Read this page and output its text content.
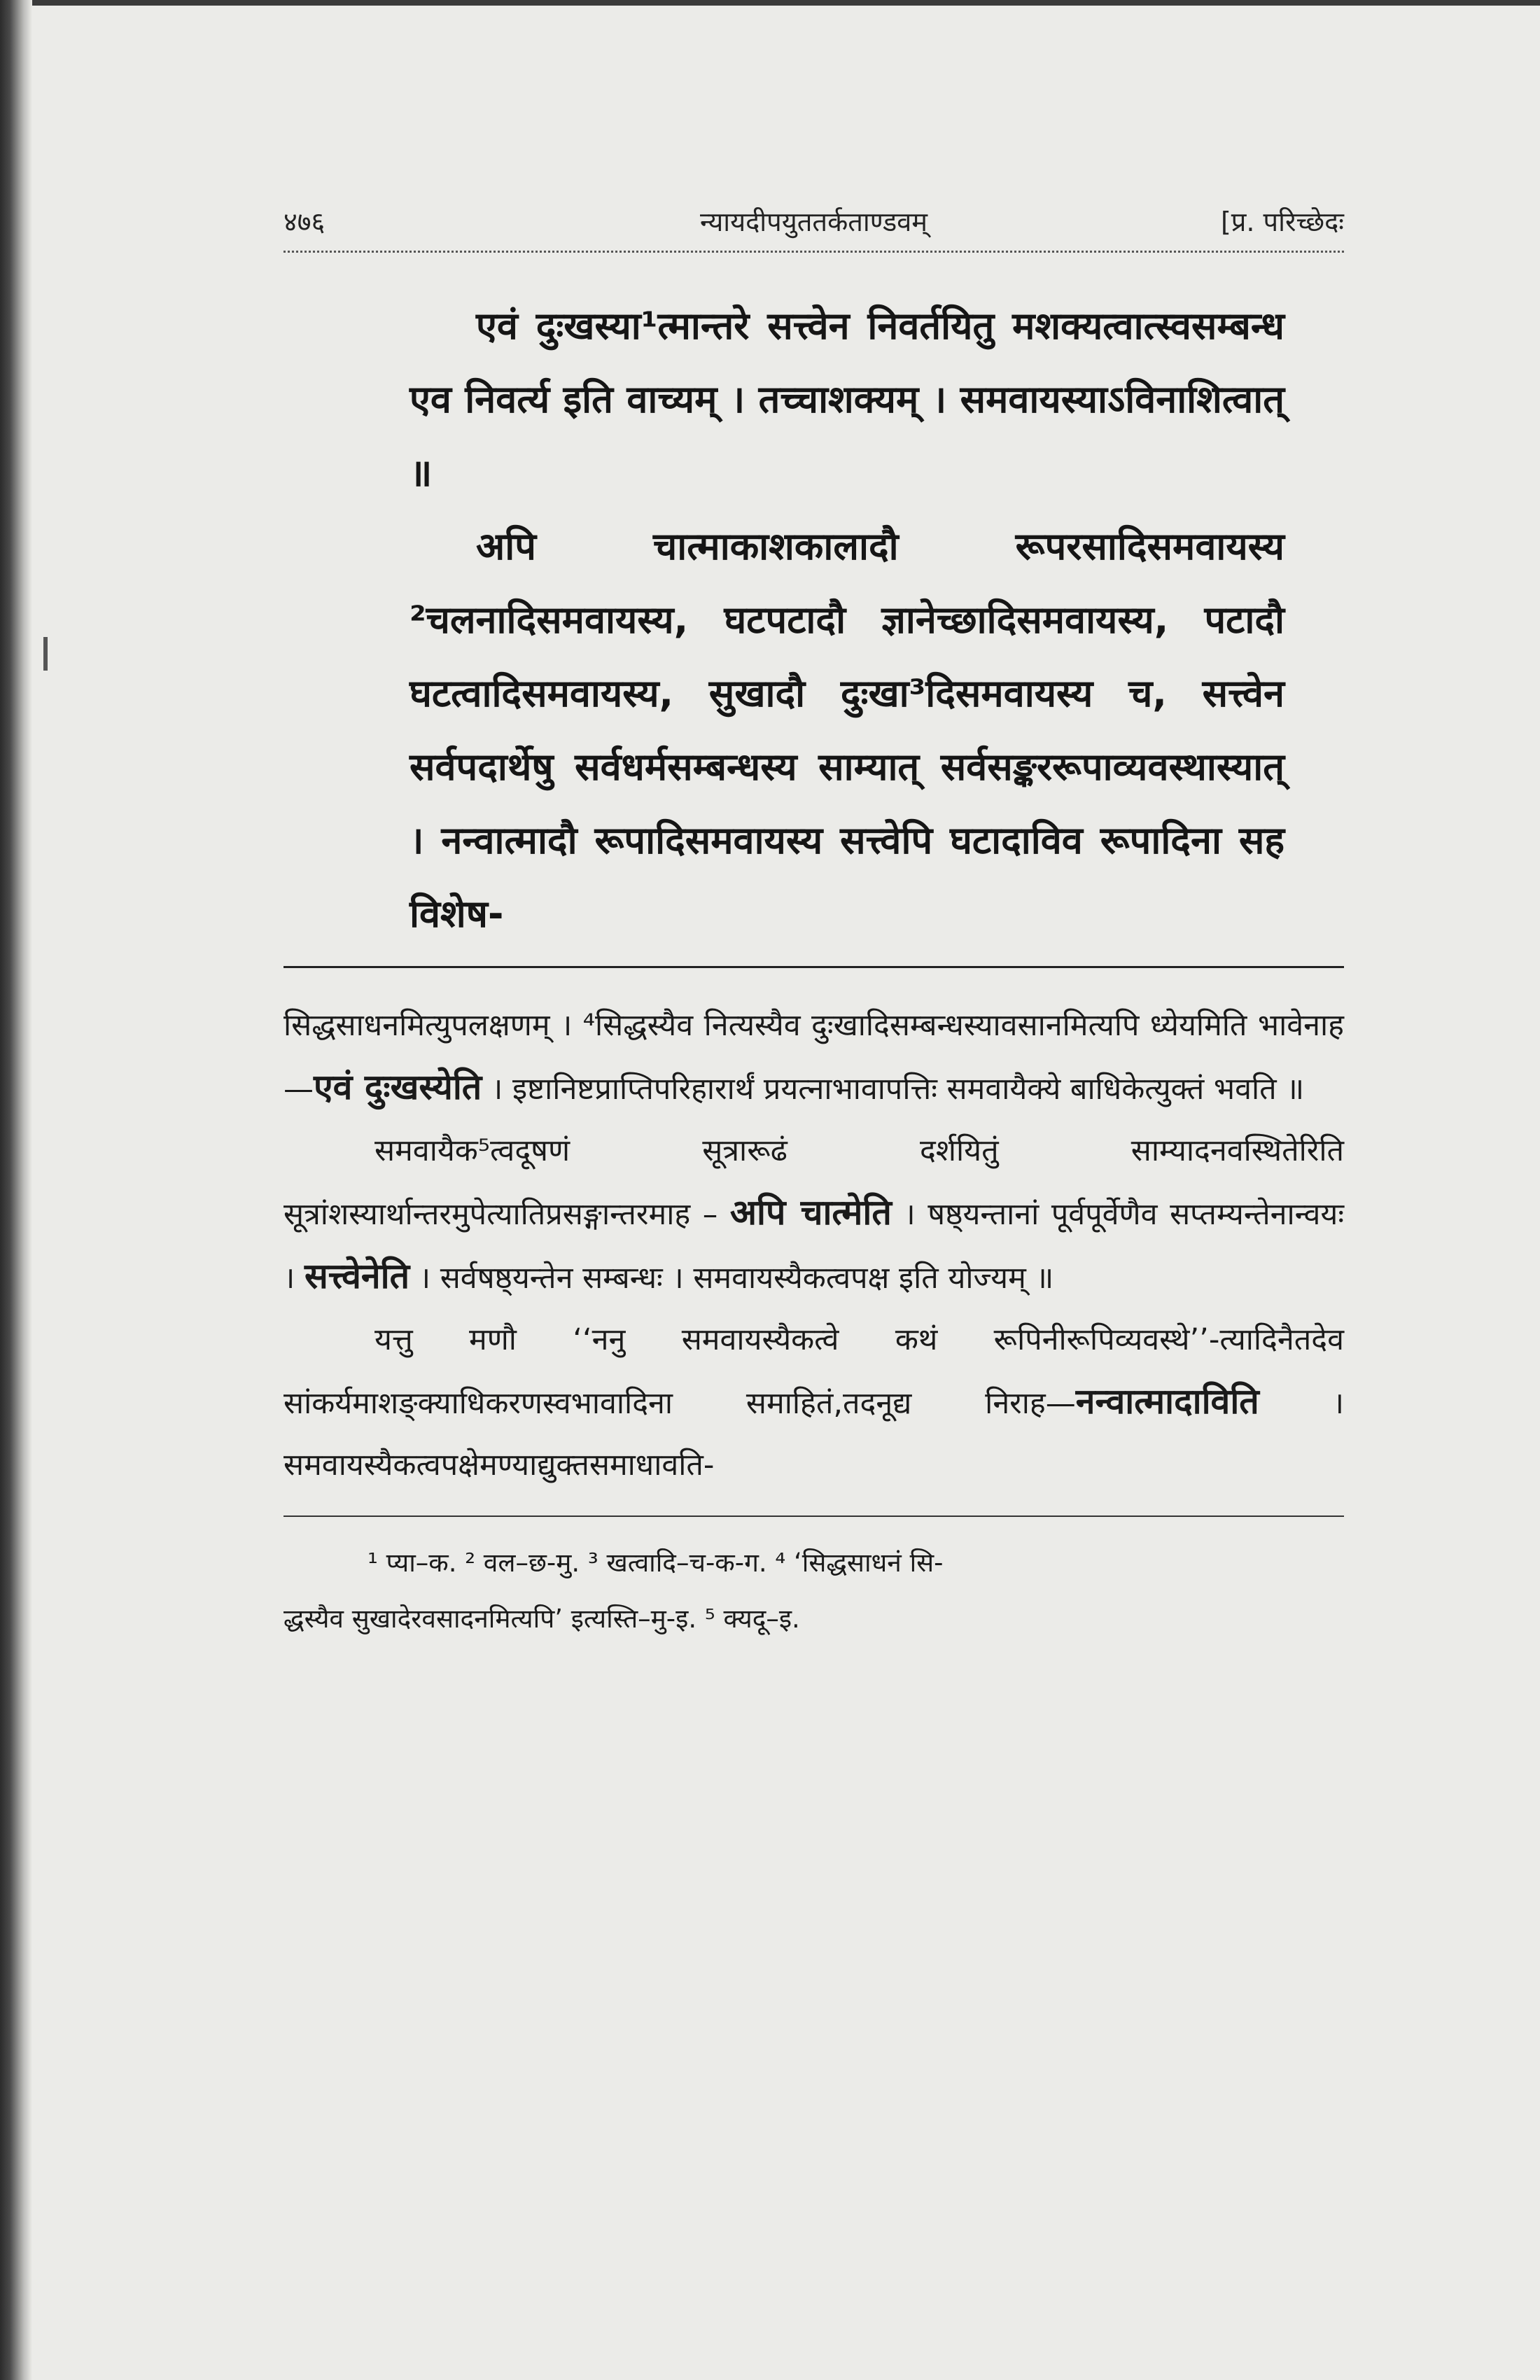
४७६	न्यायदीपयुततर्कताण्डवम्	[प्र. परिच्छेदः

एवं दुःखस्या¹त्मान्तरे सत्त्वेन निवर्तयितु मशक्यत्वात्स्वसम्बन्ध एव निवर्त्य इति वाच्यम् । तच्चाशक्यम् । समवायस्याऽविनाशित्वात् ॥

अपि चात्माकाशकालादौ रूपरसादिसमवायस्य ²चलनादिसमवायस्य, घटपटादौ ज्ञानेच्छादिसमवायस्य, पटादौ घटत्वादिसमवायस्य, सुखादौ दुःखा³दिसमवायस्य च, सत्त्वेन सर्वपदार्थेषु सर्वधर्मसम्बन्धस्य साम्यात् सर्वसङ्कररूपाव्यवस्थास्यात् । नन्वात्मादौ रूपादिसमवायस्य सत्त्वेपि घटादाविव रूपादिना सह विशेष-

सिद्धसाधनमित्युपलक्षणम् । ⁴सिद्धस्यैव नित्यस्यैव दुःखादिसम्बन्धस्यावसानमित्यपि ध्येयमिति भावेनाह—एवं दुःखस्येति । इष्टानिष्टप्राप्तिपरिहारार्थं प्रयत्नाभावापत्तिः समवायैक्ये बाधिकेत्युक्तं भवति ॥

समवायैक⁵त्वदूषणं सूत्रारूढं दर्शयितुं साम्यादनवस्थितेरिति सूत्रांशस्यार्थान्तरमुपेत्यातिप्रसङ्गान्तरमाह – अपि चात्मेति । षष्ठ्यन्तानां पूर्वपूर्वेणैव सप्तम्यन्तेनान्वयः । सत्त्वेनेति । सर्वषष्ठ्यन्तेन सम्बन्धः । समवायस्यैकत्वपक्ष इति योज्यम् ॥

यत्तु मणौ ‘‘ननु समवायस्यैकत्वे कथं रूपिनीरूपिव्यवस्थे’’-त्यादिनैतदेव सांकर्यमाशङ्क्याधिकरणस्वभावादिना समाहितं,तदनूद्य निराह—नन्वात्मादाविति । समवायस्यैकत्वपक्षेमण्याद्युक्तसमाधावति-

¹ प्या–क. ² वल–छ-मु. ³ खत्वादि–च-क-ग. ⁴ ‘सिद्धसाधनं सि-

द्धस्यैव सुखादेरवसादनमित्यपि’ इत्यस्ति–मु-इ. ⁵ क्यदू–इ.
